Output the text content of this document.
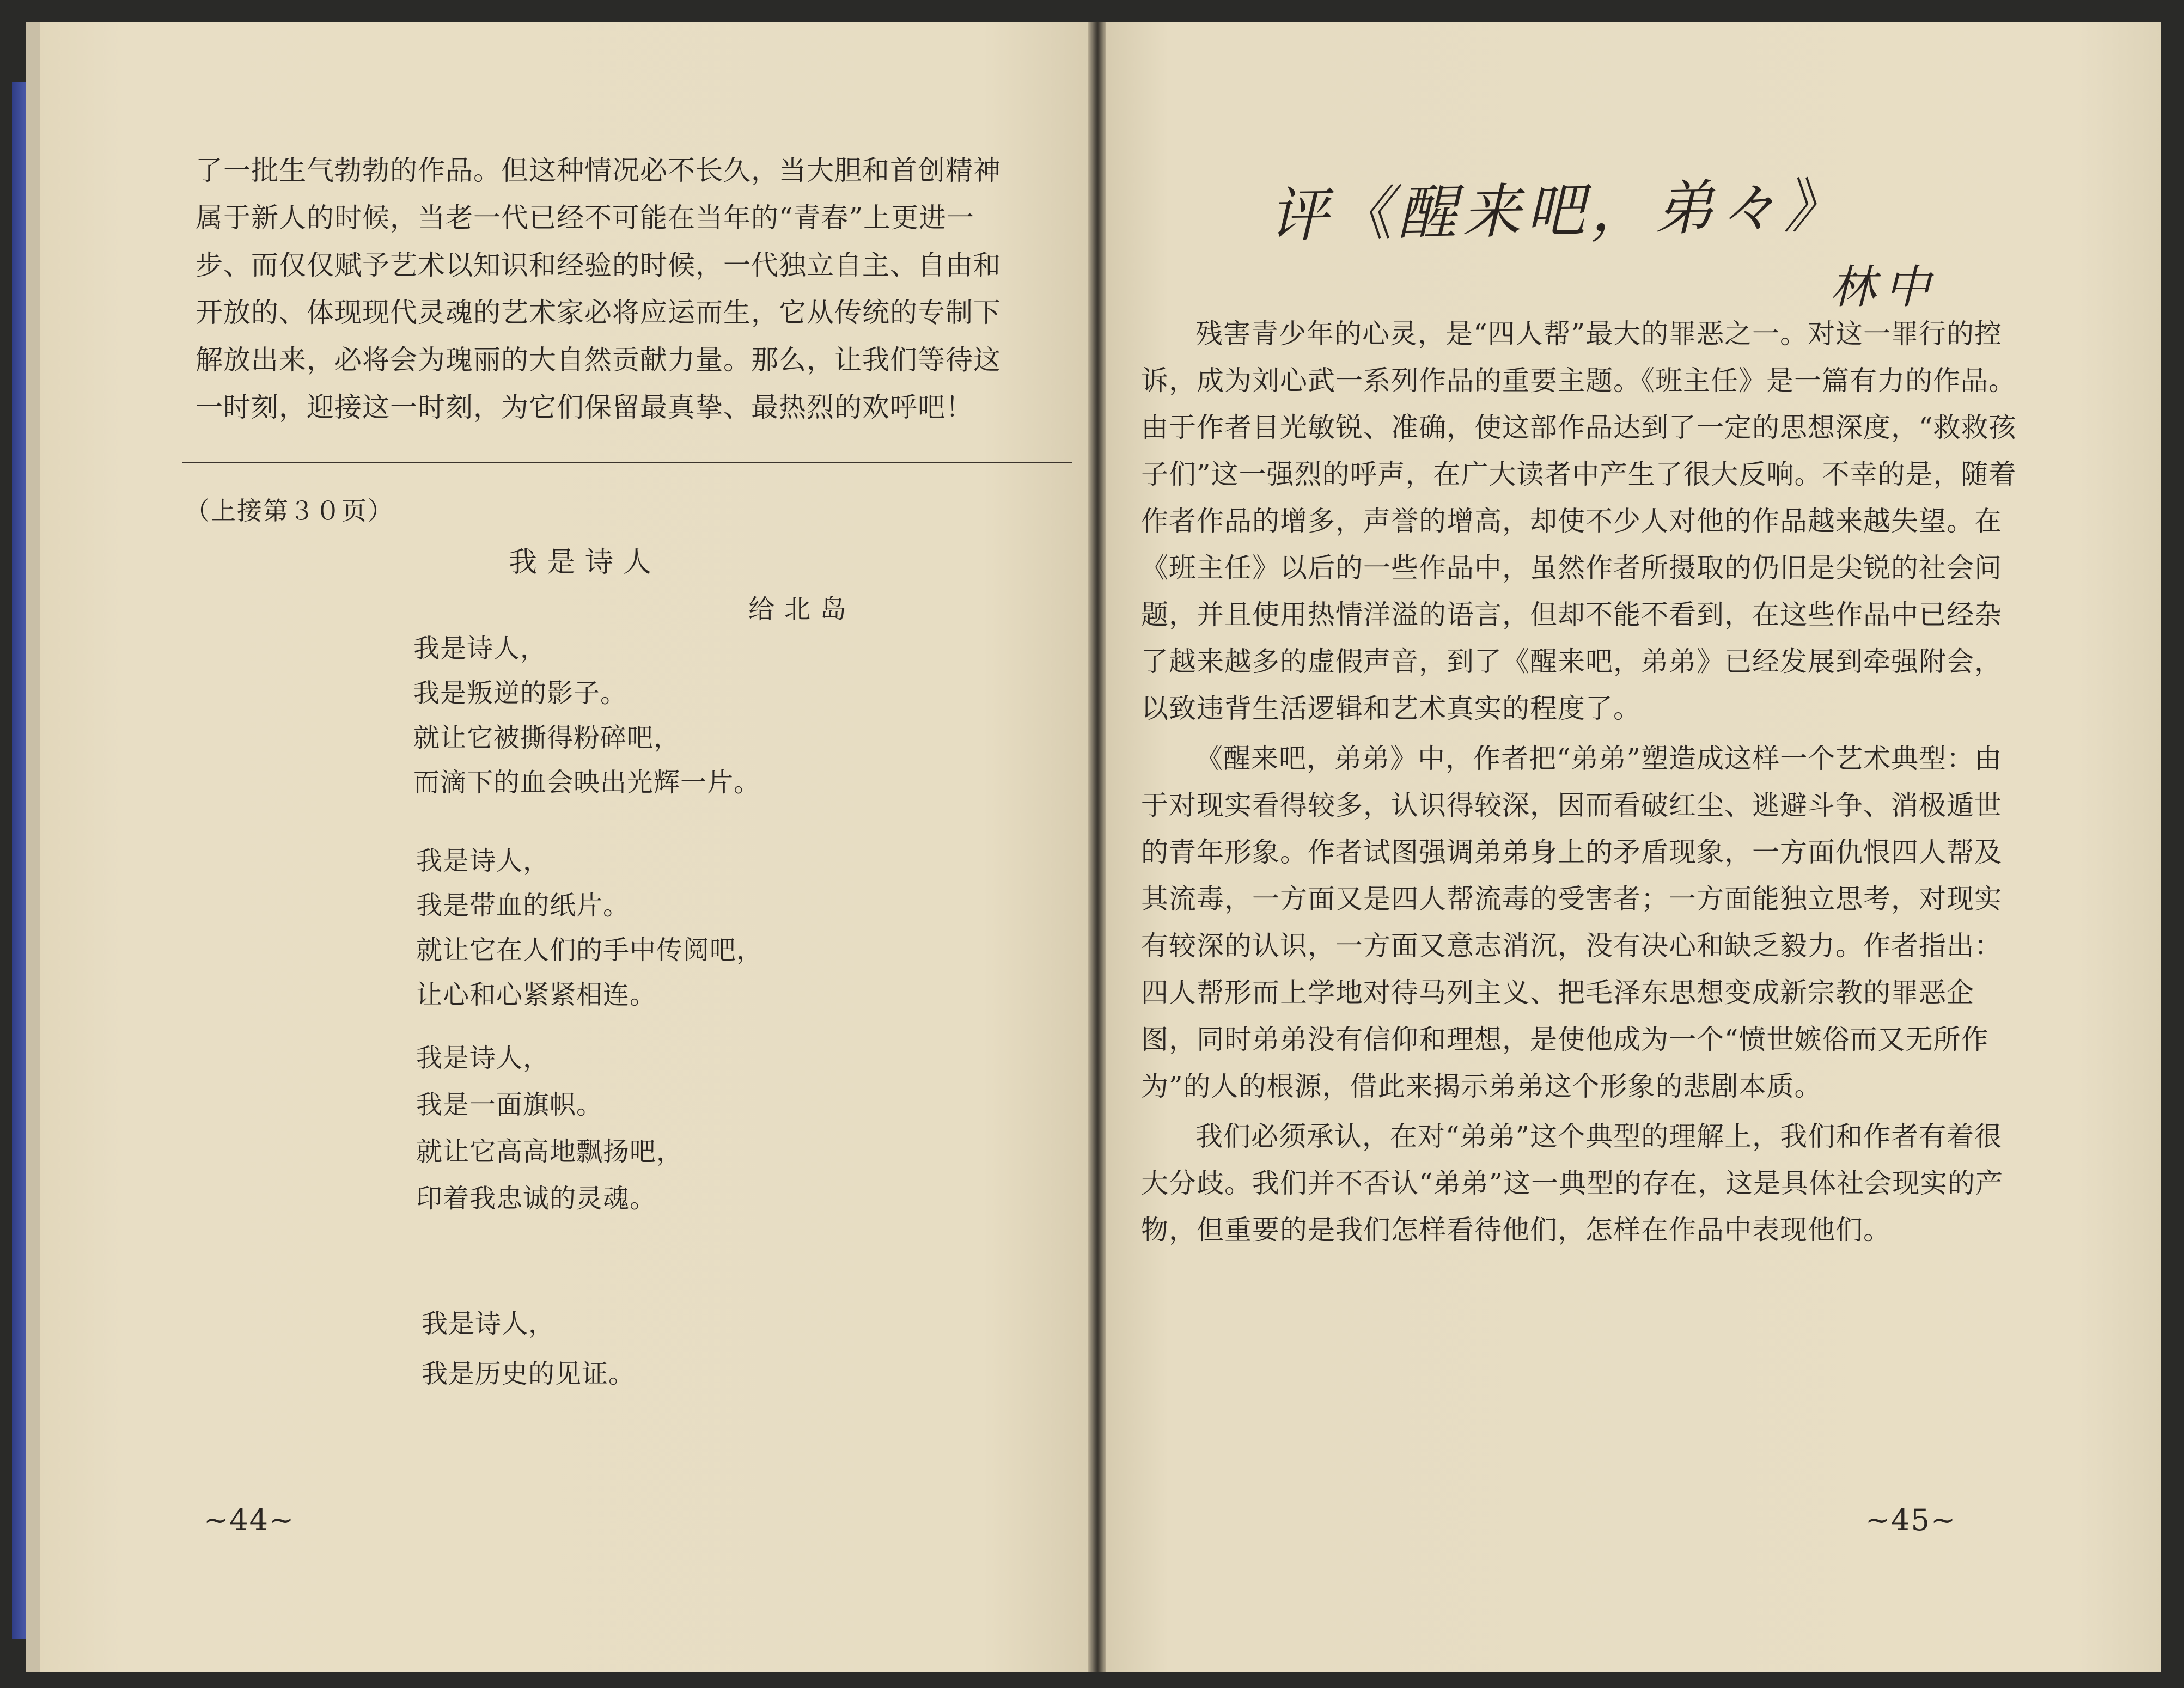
了一批生气勃勃的作品。但这种情况必不长久，当大胆和首创精神

属于新人的时候，当老一代已经不可能在当年的“青春”上更进一

步、而仅仅赋予艺术以知识和经验的时候，一代独立自主、自由和

开放的、体现现代灵魂的艺术家必将应运而生，它从传统的专制下

解放出来，必将会为瑰丽的大自然贡献力量。那么，让我们等待这

一时刻，迎接这一时刻，为它们保留最真挚、最热烈的欢呼吧！

（上接第３０页）
我是诗人
给北岛
我是诗人，
我是叛逆的影子。
就让它被撕得粉碎吧，
而滴下的血会映出光辉一片。
我是诗人，
我是带血的纸片。
就让它在人们的手中传阅吧，
让心和心紧紧相连。
我是诗人，
我是一面旗帜。
就让它高高地飘扬吧，
印着我忠诚的灵魂。
我是诗人，
我是历史的见证。
~44~
评《醒来吧，弟々》
林中

残害青少年的心灵，是“四人帮”最大的罪恶之一。对这一罪行的控诉，成为刘心武一系列作品的重要主题。《班主任》是一篇有力的作品。由于作者目光敏锐、准确，使这部作品达到了一定的思想深度，“救救孩子们”这一强烈的呼声，在广大读者中产生了很大反响。不幸的是，随着作者作品的增多，声誉的增高，却使不少人对他的作品越来越失望。在《班主任》以后的一些作品中，虽然作者所摄取的仍旧是尖锐的社会问题，并且使用热情洋溢的语言，但却不能不看到，在这些作品中已经杂了越来越多的虚假声音，到了《醒来吧，弟弟》已经发展到牵强附会，以致违背生活逻辑和艺术真实的程度了。

《醒来吧，弟弟》中，作者把“弟弟”塑造成这样一个艺术典型：由于对现实看得较多，认识得较深，因而看破红尘、逃避斗争、消极遁世的青年形象。作者试图强调弟弟身上的矛盾现象，一方面仇恨四人帮及其流毒，一方面又是四人帮流毒的受害者；一方面能独立思考，对现实有较深的认识，一方面又意志消沉，没有决心和缺乏毅力。作者指出：四人帮形而上学地对待马列主义、把毛泽东思想变成新宗教的罪恶企图，同时弟弟没有信仰和理想，是使他成为一个“愤世嫉俗而又无所作为”的人的根源，借此来揭示弟弟这个形象的悲剧本质。

我们必须承认，在对“弟弟”这个典型的理解上，我们和作者有着很大分歧。我们并不否认“弟弟”这一典型的存在，这是具体社会现实的产物，但重要的是我们怎样看待他们，怎样在作品中表现他们。

~45~
